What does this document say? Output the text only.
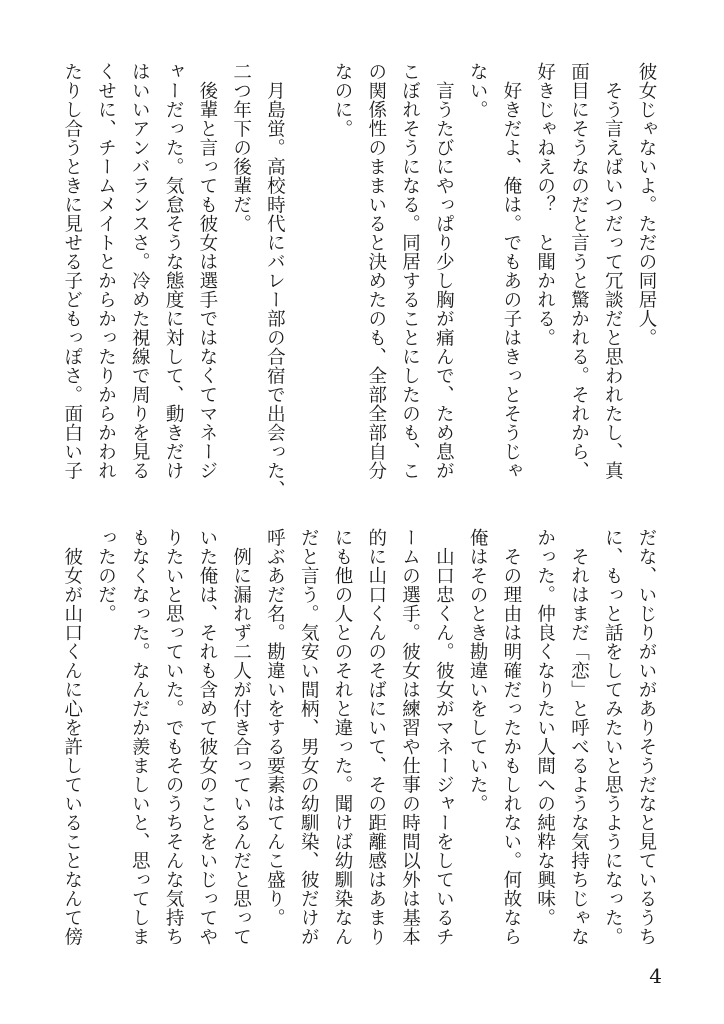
彼女じゃないよ。ただの同居人。
　そう言えばいつだって冗談だと思われたし、真
面目にそうなのだと言うと驚かれる。それから、
好きじゃねえの？　と聞かれる。
　好きだよ、俺は。でもあの子はきっとそうじゃ
ない。
　言うたびにやっぱり少し胸が痛んで、ため息が
こぼれそうになる。同居することにしたのも、こ
の関係性のままいると決めたのも、全部全部自分
なのに。
　月島蛍。高校時代にバレー部の合宿で出会った、
二つ年下の後輩だ。
　後輩と言っても彼女は選手ではなくてマネージ
ャーだった。気怠そうな態度に対して、動きだけ
はいいアンバランスさ。冷めた視線で周りを見る
くせに、チームメイトとからかったりからかわれ
たりし合うときに見せる子どもっぽさ。面白い子
だな、いじりがいがありそうだなと見ているうち
に、もっと話をしてみたいと思うようになった。
　それはまだ「恋」と呼べるような気持ちじゃな
かった。仲良くなりたい人間への純粋な興味。
　その理由は明確だったかもしれない。何故なら
俺はそのとき勘違いをしていた。
　山口忠くん。彼女がマネージャーをしているチ
ームの選手。彼女は練習や仕事の時間以外は基本
的に山口くんのそばにいて、その距離感はあまり
にも他の人とのそれと違った。聞けば幼馴染なん
だと言う。気安い間柄、男女の幼馴染、彼だけが
呼ぶあだ名。勘違いをする要素はてんこ盛り。
　例に漏れず二人が付き合っているんだと思って
いた俺は、それも含めて彼女のことをいじってや
りたいと思っていた。でもそのうちそんな気持ち
もなくなった。なんだか羨ましいと、思ってしま
ったのだ。
　彼女が山口くんに心を許していることなんて傍
4
